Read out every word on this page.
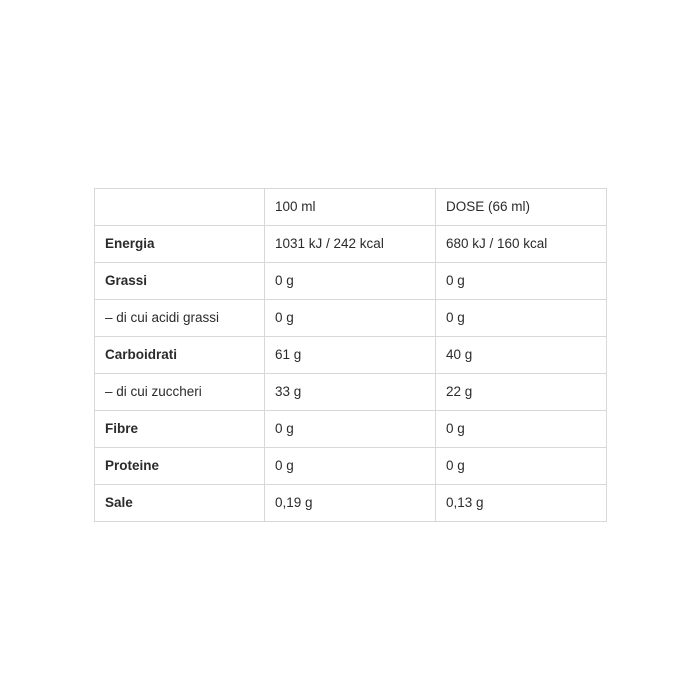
	100 ml	DOSE (66 ml)
Energia	1031 kJ / 242 kcal	680 kJ / 160 kcal
Grassi	0 g	0 g
– di cui acidi grassi	0 g	0 g
Carboidrati	61 g	40 g
– di cui zuccheri	33 g	22 g
Fibre	0 g	0 g
Proteine	0 g	0 g
Sale	0,19 g	0,13 g
